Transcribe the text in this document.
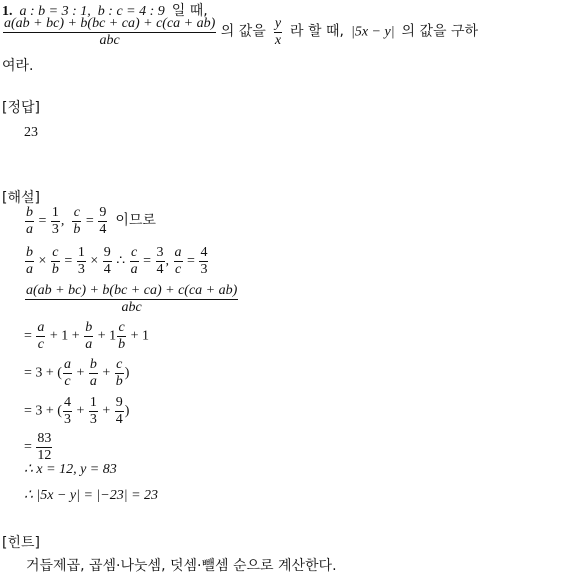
1. a : b = 3 : 1, b : c = 4 : 9 일 때,
$\frac{a(ab + bc) + b(bc + ca) + c(ca + ab)}{\text{abc}}$ 의 값을 $\frac{y}{x}$ 라 할 때, |5x − y| 의 값을 구하
여라.
[정답]
23
[해설]
$\frac{b}{a} = \frac{1}{3}$ , $\frac{c}{b} = \frac{9}{4}$ 이므로
$\frac{b}{a} \times \frac{c}{b} = \frac{1}{3} \times \frac{9}{4}$ ∴ $\frac{c}{a} = \frac{3}{4}$ , $\frac{a}{c} = \frac{4}{3}$
$\frac{a(ab + bc) + b(bc + ca) + c(ca + ab)}{\text{abc}}$
= $\frac{a}{c} + 1 + \frac{b}{a} + 1 \frac{c}{b} + 1$
= 3 + ( $\frac{a}{c} + \frac{b}{a} + \frac{c}{b}$ )
= 3 + ( $\frac{4}{3} + \frac{1}{3} + \frac{9}{4}$ )
= $\frac{83}{12}$
∴ x = 12, y = 83
∴ |5x − y| = |−23| = 23
[힌트]
거듭제곱, 곱셈·나눗셈, 덧셈·뺄셈 순으로 계산한다.
